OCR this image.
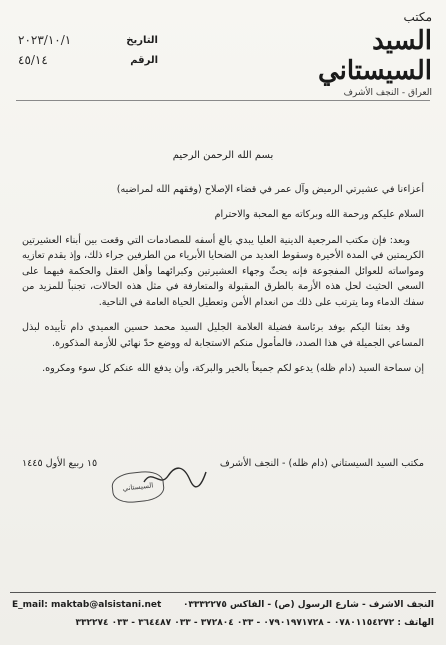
مكتب
السيد السيستاني
العراق - النجف الأشرف
التاريخ
٢٠٢٣/١٠/١
الرقم
٤٥/١٤
بسم الله الرحمن الرحيم
أعزاءنا في عشيرتي الرميض وآل عمر في قضاء الإصلاح (وفقهم الله لمراضيه)
السلام عليكم ورحمة الله وبركاته مع المحبة والاحترام
وبعد: فإن مكتب المرجعية الدينية العليا يبدي بالغ أسفه للمصادمات التي وقعت بين أبناء العشيرتين الكريمتين في المدة الأخيرة وسقوط العديد من الضحايا الأبرياء من الطرفين جراء ذلك، وإذ يقدم تعازيه ومواساته للعوائل المفجوعة فإنه يحثّ وجهاء العشيرتين وكبرائهما وأهل العقل والحكمة فيهما على السعي الحثيث لحل هذه الأزمة بالطرق المقبولة والمتعارفة في مثل هذه الحالات، تجنباً للمزيد من سفك الدماء وما يترتب على ذلك من انعدام الأمن وتعطيل الحياة العامة في الناحية.
وقد بعثنا اليكم بوفد برئاسة فضيلة العلامة الجليل السيد محمد حسين العميدي دام تأييده لبذل المساعي الجميلة في هذا الصدد، فالمأمول منكم الاستجابة له ووضع حدّ نهائي للأزمة المذكورة.
إن سماحة السيد (دام ظله) يدعو لكم جميعاً بالخير والبركة، وأن يدفع الله عنكم كل سوء ومكروه.
مكتب السيد السيستاني (دام ظله) - النجف الأشرف
١٥ ربيع الأول ١٤٤٥
السيستاني
E_mail: maktab@alsistani.net النجف الاشرف - شارع الرسول (ص) - الفاكس ٠٣٣٣٢٢٧٥
الهاتف : ٠٧٨٠١١٥٤٢٧٢ - ٠٧٩٠١٩٧١٧٢٨ - ٠٣٣ ٣٧٢٨٠٤ - ٠٣٣ ٣٦٤٤٨٧ - ٠٣٣ ٣٣٢٢٧٤
